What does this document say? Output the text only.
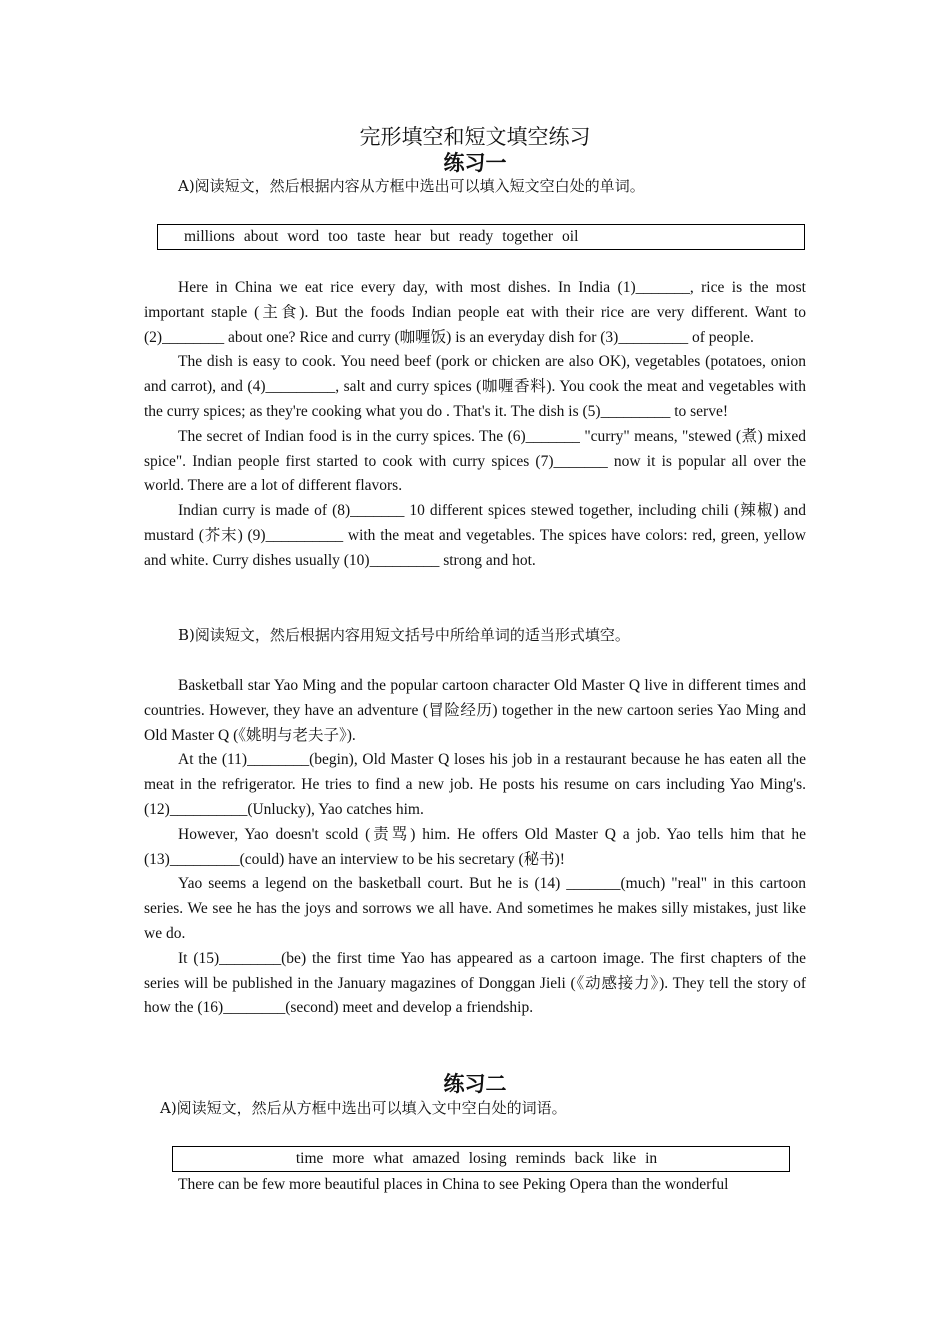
完形填空和短文填空练习
练习一
A)阅读短文，然后根据内容从方框中选出可以填入短文空白处的单词。
millions about word too taste hear but ready together oil

Here in China we eat rice every day, with most dishes. In India (1)_______, rice is the most important staple (主食). But the foods Indian people eat with their rice are very different. Want to (2)________ about one? Rice and curry (咖喱饭) is an everyday dish for (3)_________ of people.

The dish is easy to cook. You need beef (pork or chicken are also OK), vegetables (potatoes, onion and carrot), and (4)_________, salt and curry spices (咖喱香料). You cook the meat and vegetables with the curry spices; as they're cooking what you do . That's it. The dish is (5)_________ to serve!

The secret of Indian food is in the curry spices. The (6)_______ "curry" means, "stewed (煮) mixed spice". Indian people first started to cook with curry spices (7)_______ now it is popular all over the world. There are a lot of different flavors.

Indian curry is made of (8)_______ 10 different spices stewed together, including chili (辣椒) and mustard (芥末) (9)__________ with the meat and vegetables. The spices have colors: red, green, yellow and white. Curry dishes usually (10)_________ strong and hot.

B)阅读短文，然后根据内容用短文括号中所给单词的适当形式填空。

Basketball star Yao Ming and the popular cartoon character Old Master Q live in different times and countries. However, they have an adventure (冒险经历) together in the new cartoon series Yao Ming and Old Master Q (《姚明与老夫子》).

At the (11)________(begin), Old Master Q loses his job in a restaurant because he has eaten all the meat in the refrigerator. He tries to find a new job. He posts his resume on cars including Yao Ming's. (12)__________(Unlucky), Yao catches him.

However, Yao doesn't scold (责骂) him. He offers Old Master Q a job. Yao tells him that he (13)_________(could) have an interview to be his secretary (秘书)!

Yao seems a legend on the basketball court. But he is (14) _______(much) "real" in this cartoon series. We see he has the joys and sorrows we all have. And sometimes he makes silly mistakes, just like we do.

It (15)________(be) the first time Yao has appeared as a cartoon image. The first chapters of the series will be published in the January magazines of Donggan Jieli (《动感接力》). They tell the story of how the (16)________(second) meet and develop a friendship.

练习二
A)阅读短文，然后从方框中选出可以填入文中空白处的词语。
time more what amazed losing reminds back like in

There can be few more beautiful places in China to see Peking Opera than the wonderful
